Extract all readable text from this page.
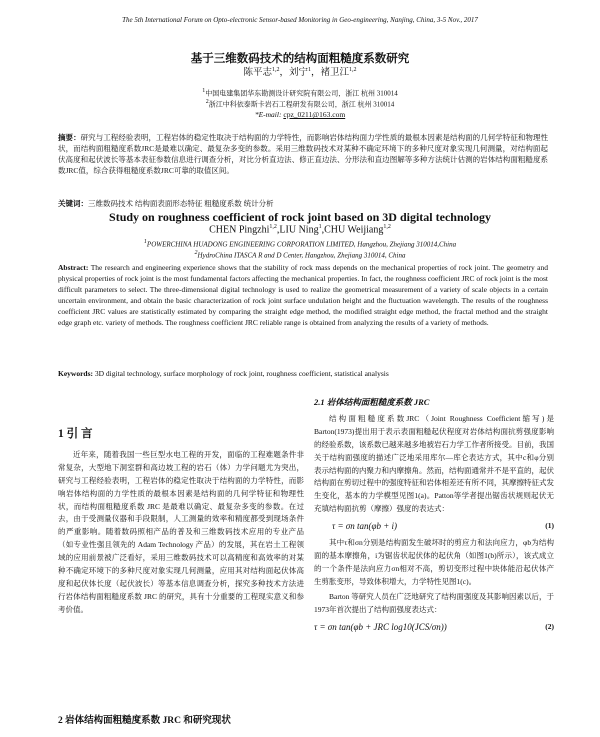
The 5th International Forum on Opto-electronic Sensor-based Monitoring in Geo-engineering, Nanjing, China, 3-5 Nov., 2017
基于三维数码技术的结构面粗糙度系数研究
陈平志$^{1,2}$，刘宁$^1$，褚卫江$^{1,2}$
$^1$中国电建集团华东勘测设计研究院有限公司，浙江 杭州 310014
$^2$浙江中科依泰斯卡岩石工程研发有限公司，浙江 杭州 310014
*E-mail: cpz_0211@163.com
摘要：研究与工程经验表明，工程岩体的稳定性取决于结构面的力学特性，而影响岩体结构面力学性质的最根本因素是结构面的几何学特征和物理性状，而结构面粗糙度系数JRC是最难以确定、最复杂多变的参数。采用三维数码技术对某种不确定环境下的多种尺度对象实现几何测量，对结构面起伏高度和起伏波长等基本表征参数信息进行调查分析，对比分析直边法、修正直边法、分形法和直边图解等多种方法统计估测的岩体结构面粗糙度系数JRC值，综合获得粗糙度系数JRC可靠的取值区间。
关键词：三维数码技术 结构面表面形态特征 粗糙度系数 统计分析
Study on roughness coefficient of rock joint based on 3D digital technology
CHEN Pingzhi$^{1,2}$,LIU Ning$^1$,CHU Weijiang$^{1,2}$
$^1$POWERCHINA HUADONG ENGINEERING CORPORATION LIMITED, Hangzhou, Zhejiang 310014,China
$^2$HydroChina ITASCA R and D Center, Hangzhou, Zhejiang 310014, China
Abstract: The research and engineering experience shows that the stability of rock mass depends on the mechanical properties of rock joint. The geometry and physical properties of rock joint is the most fundamental factors affecting the mechanical properties. In fact, the roughness coefficient JRC of rock joint is the most difficult parameters to select. The three-dimensional digital technology is used to realize the geometrical measurement of a variety of scale objects in a certain uncertain environment, and obtain the basic characterization of rock joint surface undulation height and the fluctuation wavelength. The results of the roughness coefficient JRC values are statistically estimated by comparing the straight edge method, the modified straight edge method, the fractal method and the straight edge graph etc. variety of methods. The roughness coefficient JRC reliable range is obtained from analyzing the results of a variety of methods.
Keywords: 3D digital technology, surface morphology of rock joint, roughness coefficient, statistical analysis
1 引 言
近年来，随着我国一些巨型水电工程的开发，面临的工程难题条件非常复杂，大型地下洞室群和高边坡工程的岩石（体）力学问题尤为突出，研究与工程经验表明，工程岩体的稳定性取决于结构面的力学特性，而影响岩体结构面的力学性质的最根本因素是结构面的几何学特征和物理性状，而结构面粗糙度系数 JRC 是最难以确定、最复杂多变的参数。在过去，由于受测量仪器和手段限制，人工测量的效率和精度都受到现场条件的严重影响。随着数码照相产品的普及和三维数码技术应用的专业产品（如专业性强且领先的 Adam Technology 产品）的发展，其在岩土工程领域的应用前景被广泛看好，采用三维数码技术可以高精度和高效率的对某种不确定环境下的多种尺度对象实现几何测量，应用其对结构面起伏体高度和起伏体长度（起伏波长）等基本信息调查分析，探究多种技术方法进行岩体结构面粗糙度系数 JRC 的研究，具有十分重要的工程现实意义和参考价值。
2 岩体结构面粗糙度系数 JRC 和研究现状
2.1 岩体结构面粗糙度系数 JRC
结构面粗糙度系数JRC（Joint Roughness Coefficient缩写)是Barton(1973)提出用于表示表面粗糙起伏程度对岩体结构面抗剪强度影响的经验系数，该系数已越来越多地被岩石力学工作者所接受。目前，我国关于结构面强度的描述广泛地采用库尔—库仑表达方式，其中c和φ分别表示结构面的内聚力和内摩擦角。然而，结构面通常并不是平直的，起伏结构面在剪切过程中的强度特征和岩体相差还有所不同，其摩擦特征式发生变化，基本的力学模型见图1(a)。Patton等学者提出锯齿状规则起伏无充填结构面抗剪（摩擦）强度的表达式：
τ = σn tan(φb + i)	(1)
其中τ和σn分别是结构面发生破坏时的剪应力和法向应力，φb为结构面的基本摩擦角，i为锯齿状起伏体的起伏角（如图1(b)所示），该式成立的一个条件是法向应力σn相对不高，剪切变形过程中块体能沿起伏体产生剪胀变形，导致体积增大，力学特性见图1(c)。
Barton 等研究人员在广泛地研究了结构面强度及其影响因素以后，于1973年首次提出了结构面强度表达式：
τ = σn tan(φb + JRC log10(JCS/σn))	(2)
